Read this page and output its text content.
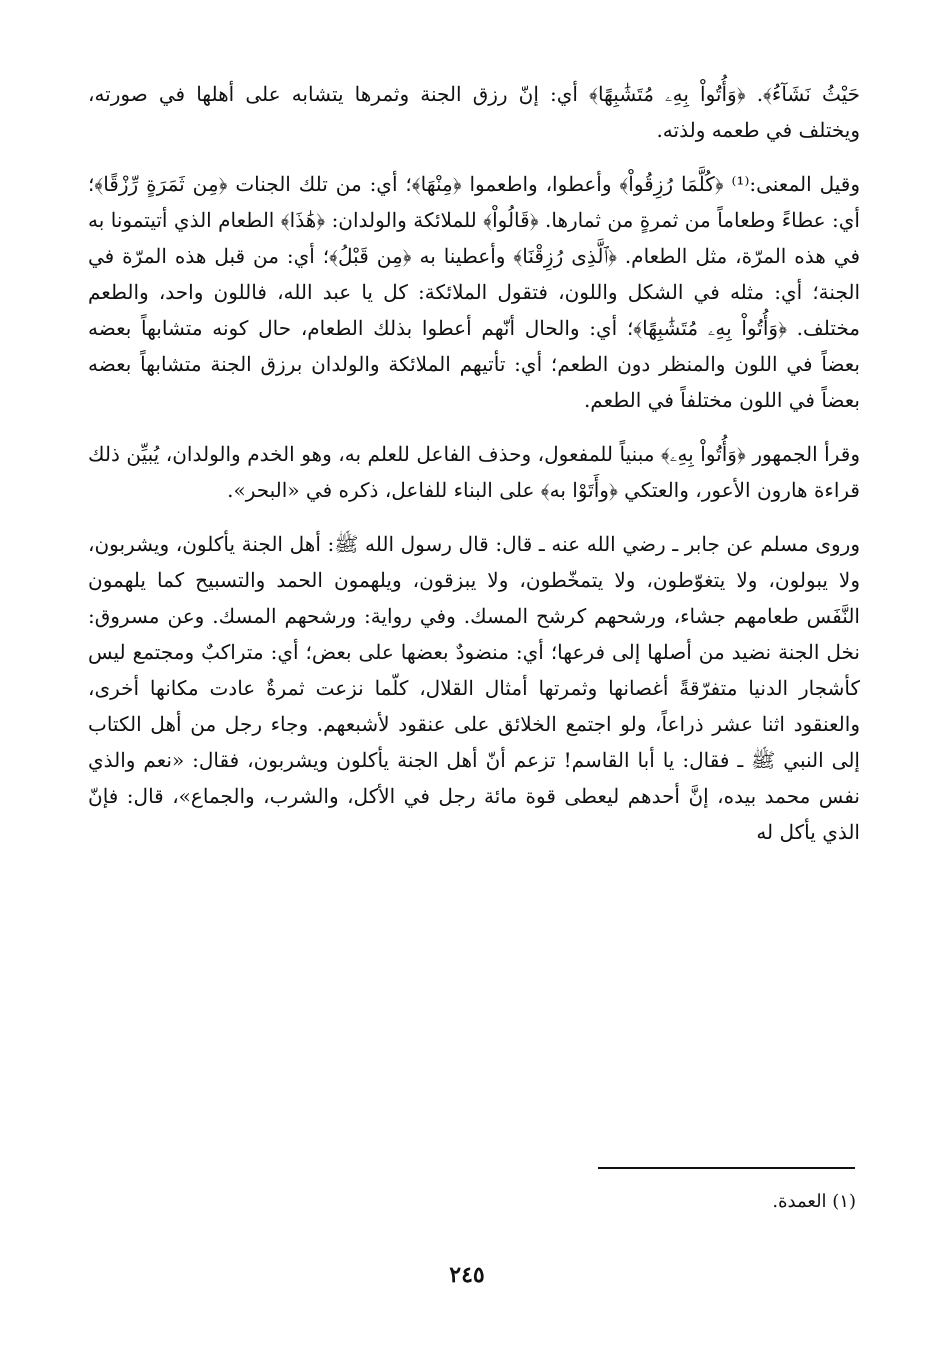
حَيْثُ نَشَآءُ﴾. ﴿وَأُتُواْ بِهِۦ مُتَشَٰبِهًا﴾ أي: إنّ رزق الجنة وثمرها يتشابه على أهلها في صورته، ويختلف في طعمه ولذته.

وقيل المعنى:⁽¹⁾ ﴿كُلَّمَا رُزِقُواْ﴾ وأعطوا، واطعموا ﴿مِنْهَا﴾؛ أي: من تلك الجنات ﴿مِن ثَمَرَةٍ رِّزْقًا﴾؛ أي: عطاءً وطعاماً من ثمرةٍ من ثمارها. ﴿قَالُواْ﴾ للملائكة والولدان: ﴿هَٰذَا﴾ الطعام الذي أتيتمونا به في هذه المرّة، مثل الطعام. ﴿ٱلَّذِى رُزِقْنَا﴾ وأعطينا به ﴿مِن قَبْلُ﴾؛ أي: من قبل هذه المرّة في الجنة؛ أي: مثله في الشكل واللون، فتقول الملائكة: كل يا عبد الله، فاللون واحد، والطعم مختلف. ﴿وَأُتُواْ بِهِۦ مُتَشَٰبِهًا﴾؛ أي: والحال أنّهم أعطوا بذلك الطعام، حال كونه متشابهاً بعضه بعضاً في اللون والمنظر دون الطعم؛ أي: تأتيهم الملائكة والولدان برزق الجنة متشابهاً بعضه بعضاً في اللون مختلفاً في الطعم.

وقرأ الجمهور ﴿وَأُتُواْ بِهِۦ﴾ مبنياً للمفعول، وحذف الفاعل للعلم به، وهو الخدم والولدان، يُبيِّن ذلك قراءة هارون الأعور، والعتكي ﴿وأَتَوْا به﴾ على البناء للفاعل، ذكره في «البحر».

وروى مسلم عن جابر ـ رضي الله عنه ـ قال: قال رسول الله ﷺ: أهل الجنة يأكلون، ويشربون، ولا يبولون، ولا يتغوّطون، ولا يتمخّطون، ولا يبزقون، ويلهمون الحمد والتسبيح كما يلهمون النَّفَس طعامهم جشاء، ورشحهم كرشح المسك. وفي رواية: ورشحهم المسك. وعن مسروق: نخل الجنة نضيد من أصلها إلى فرعها؛ أي: منضودٌ بعضها على بعض؛ أي: متراكبٌ ومجتمع ليس كأشجار الدنيا متفرّقةً أغصانها وثمرتها أمثال القلال، كلّما نزعت ثمرةٌ عادت مكانها أخرى، والعنقود اثنا عشر ذراعاً، ولو اجتمع الخلائق على عنقود لأشبعهم. وجاء رجل من أهل الكتاب إلى النبي ﷺ ـ فقال: يا أبا القاسم! تزعم أنّ أهل الجنة يأكلون ويشربون، فقال: «نعم والذي نفس محمد بيده، إنَّ أحدهم ليعطى قوة مائة رجل في الأكل، والشرب، والجماع»، قال: فإنّ الذي يأكل له

(١) العمدة.
٢٤٥
